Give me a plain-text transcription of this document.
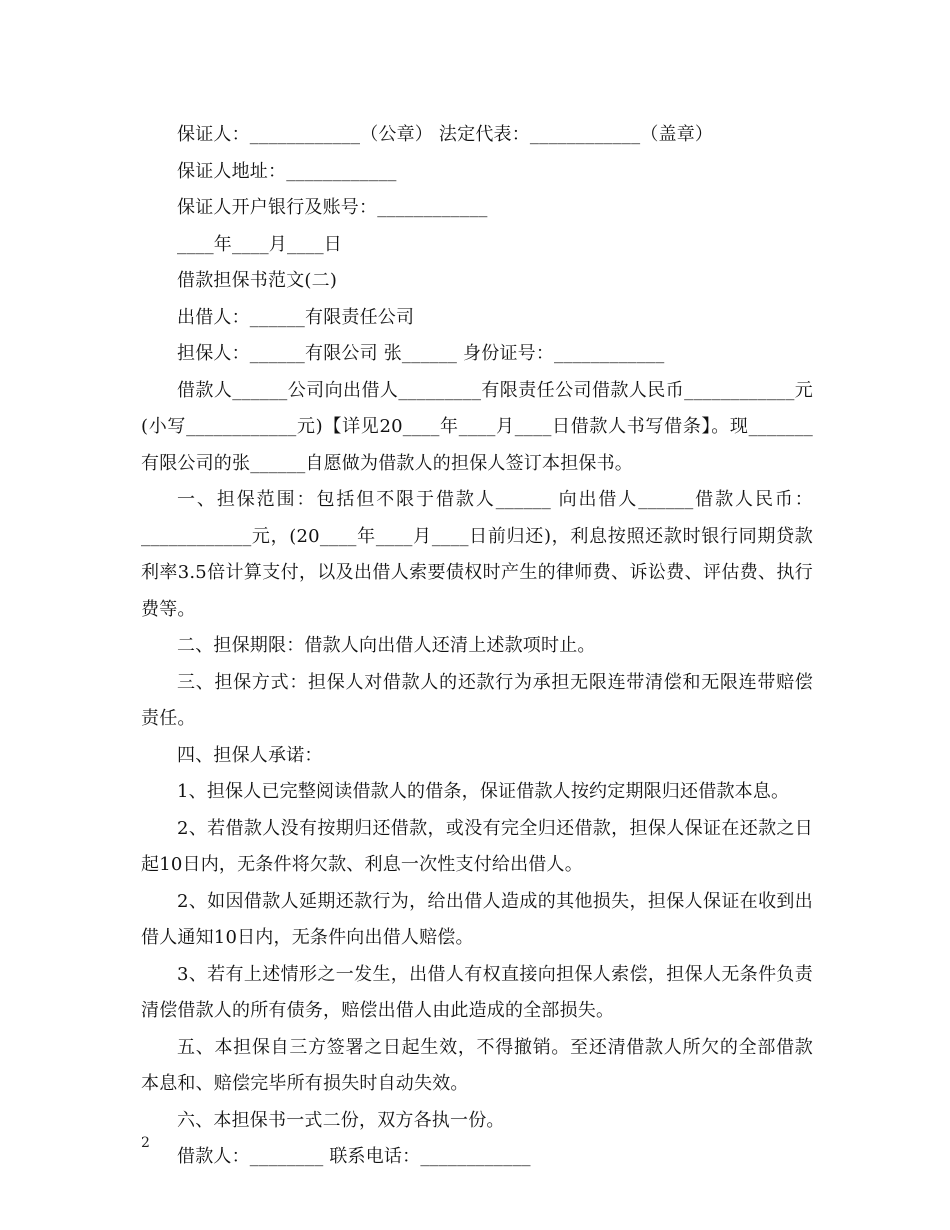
保证人：____________（公章） 法定代表：____________（盖章）
保证人地址：____________
保证人开户银行及账号：____________
____年____月____日
借款担保书范文(二)
出借人：______有限责任公司
担保人：______有限公司 张______ 身份证号：____________
借款人______公司向出借人_________有限责任公司借款人民币____________元(小写____________元)【详见20____年____月____日借款人书写借条】。现_______有限公司的张______自愿做为借款人的担保人签订本担保书。
一、担保范围：包括但不限于借款人______ 向出借人______借款人民币：____________元，(20____年____月____日前归还)，利息按照还款时银行同期贷款利率3.5倍计算支付，以及出借人索要债权时产生的律师费、诉讼费、评估费、执行费等。
二、担保期限：借款人向出借人还清上述款项时止。
三、担保方式：担保人对借款人的还款行为承担无限连带清偿和无限连带赔偿责任。
四、担保人承诺：
1、担保人已完整阅读借款人的借条，保证借款人按约定期限归还借款本息。
2、若借款人没有按期归还借款，或没有完全归还借款，担保人保证在还款之日起10日内，无条件将欠款、利息一次性支付给出借人。
2、如因借款人延期还款行为，给出借人造成的其他损失，担保人保证在收到出借人通知10日内，无条件向出借人赔偿。
3、若有上述情形之一发生，出借人有权直接向担保人索偿，担保人无条件负责清偿借款人的所有债务，赔偿出借人由此造成的全部损失。
五、本担保自三方签署之日起生效，不得撤销。至还清借款人所欠的全部借款本息和、赔偿完毕所有损失时自动失效。
六、本担保书一式二份，双方各执一份。
借款人：________ 联系电话：____________
2
